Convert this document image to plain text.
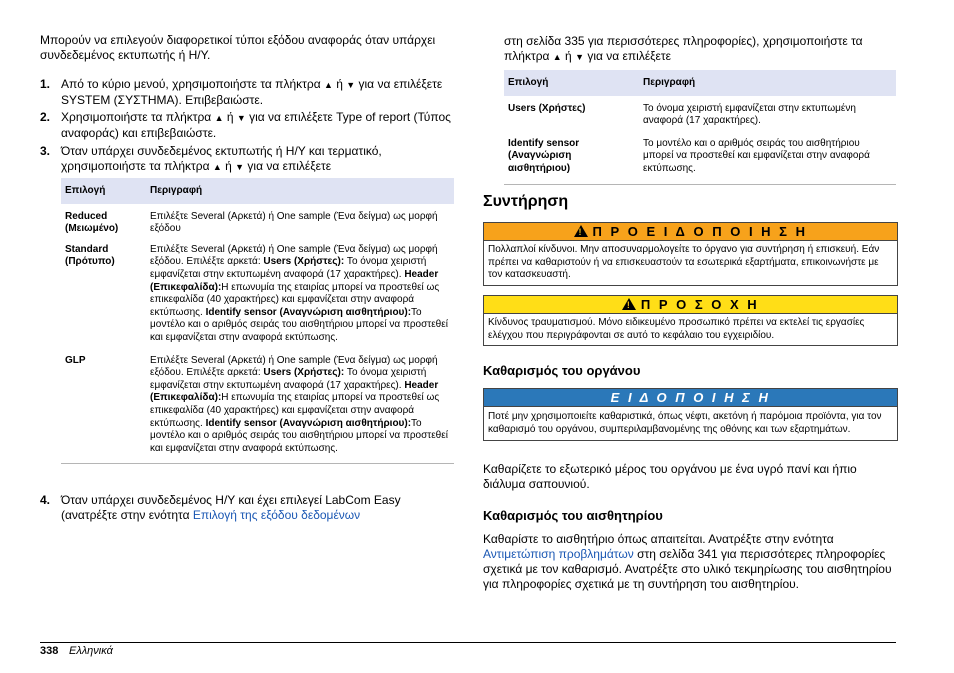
Μπορούν να επιλεγούν διαφορετικοί τύποι εξόδου αναφοράς όταν υπάρχει συνδεδεμένος εκτυπωτής ή Η/Υ.

1. Από το κύριο μενού, χρησιμοποιήστε τα πλήκτρα ▲ ή ▼ για να επιλέξετε SYSTEM (ΣΥΣΤΗΜΑ). Επιβεβαιώστε.
2. Χρησιμοποιήστε τα πλήκτρα ▲ ή ▼ για να επιλέξετε Type of report (Τύπος αναφοράς) και επιβεβαιώστε.
3. Όταν υπάρχει συνδεδεμένος εκτυπωτής ή Η/Υ και τερματικό, χρησιμοποιήστε τα πλήκτρα ▲ ή ▼ για να επιλέξετε
Επιλογή	Περιγραφή
Reduced
(Μειωμένο)	Επιλέξτε Several (Αρκετά) ή One sample (Ένα δείγμα) ως μορφή εξόδου
Standard
(Πρότυπο)	Επιλέξτε Several (Αρκετά) ή One sample (Ένα δείγμα) ως μορφή εξόδου. Επιλέξτε αρκετά: Users (Χρήστες): Το όνομα χειριστή εμφανίζεται στην εκτυπωμένη αναφορά (17 χαρακτήρες). Header (Επικεφαλίδα):Η επωνυμία της εταιρίας μπορεί να προστεθεί ως επικεφαλίδα (40 χαρακτήρες) και εμφανίζεται στην αναφορά εκτύπωσης. Identify sensor (Αναγνώριση αισθητήριου):Το μοντέλο και ο αριθμός σειράς του αισθητήριου μπορεί να προστεθεί και εμφανίζεται στην αναφορά εκτύπωσης.
GLP	Επιλέξτε Several (Αρκετά) ή One sample (Ένα δείγμα) ως μορφή εξόδου. Επιλέξτε αρκετά: Users (Χρήστες): Το όνομα χειριστή εμφανίζεται στην εκτυπωμένη αναφορά (17 χαρακτήρες). Header (Επικεφαλίδα):Η επωνυμία της εταιρίας μπορεί να προστεθεί ως επικεφαλίδα (40 χαρακτήρες) και εμφανίζεται στην αναφορά εκτύπωσης. Identify sensor (Αναγνώριση αισθητήριου):Το μοντέλο και ο αριθμός σειράς του αισθητήριου μπορεί να προστεθεί και εμφανίζεται στην αναφορά εκτύπωσης.
4. Όταν υπάρχει συνδεδεμένος Η/Υ και έχει επιλεγεί LabCom Easy (ανατρέξτε στην ενότητα Επιλογή της εξόδου δεδομένων

στη σελίδα 335 για περισσότερες πληροφορίες), χρησιμοποιήστε τα πλήκτρα ▲ ή ▼ για να επιλέξετε

Επιλογή	Περιγραφή
Users (Χρήστες)	Το όνομα χειριστή εμφανίζεται στην εκτυπωμένη αναφορά (17 χαρακτήρες).
Identify sensor (Αναγνώριση αισθητήριου)	Το μοντέλο και ο αριθμός σειράς του αισθητήριου μπορεί να προστεθεί και εμφανίζεται στην αναφορά εκτύπωσης.
Συντήρηση
!Π Ρ Ο Ε Ι Δ Ο Π Ο Ι Η Σ Η
Πολλαπλοί κίνδυνοι. Μην αποσυναρμολογείτε το όργανο για συντήρηση ή επισκευή. Εάν πρέπει να καθαριστούν ή να επισκευαστούν τα εσωτερικά εξαρτήματα, επικοινωνήστε με τον κατασκευαστή.
!Π Ρ Ο Σ Ο Χ Η
Κίνδυνος τραυματισμού. Μόνο ειδικευμένο προσωπικό πρέπει να εκτελεί τις εργασίες ελέγχου που περιγράφονται σε αυτό το κεφάλαιο του εγχειριδίου.
Καθαρισμός του οργάνου
Ε Ι Δ Ο Π Ο Ι Η Σ Η
Ποτέ μην χρησιμοποιείτε καθαριστικά, όπως νέφτι, ακετόνη ή παρόμοια προϊόντα, για τον καθαρισμό του οργάνου, συμπεριλαμβανομένης της οθόνης και των εξαρτημάτων.

Καθαρίζετε το εξωτερικό μέρος του οργάνου με ένα υγρό πανί και ήπιο διάλυμα σαπουνιού.

Καθαρισμός του αισθητηρίου

Καθαρίστε το αισθητήριο όπως απαιτείται. Ανατρέξτε στην ενότητα Αντιμετώπιση προβλημάτων στη σελίδα 341 για περισσότερες πληροφορίες σχετικά με τον καθαρισμό. Ανατρέξτε στο υλικό τεκμηρίωσης του αισθητηρίου για πληροφορίες σχετικά με τη συντήρηση του αισθητηρίου.

338 Ελληνικά
